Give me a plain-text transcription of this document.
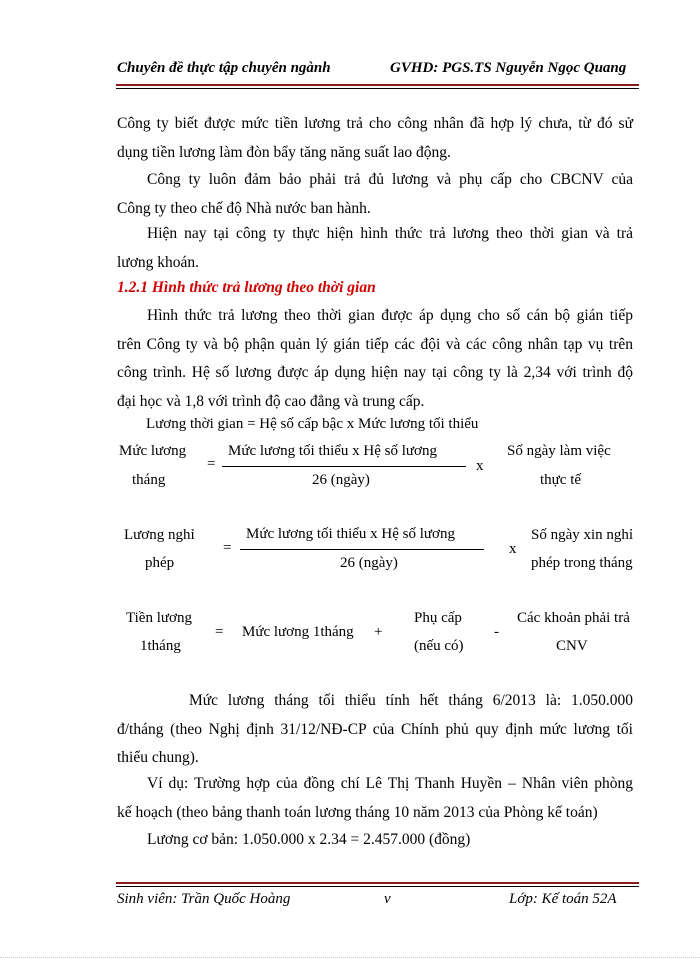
Chuyên đề thực tập chuyên ngành	GVHD: PGS.TS Nguyễn Ngọc Quang
Công ty biết được mức tiền lương trả cho công nhân đã hợp lý chưa, từ đó sử
dụng tiền lương làm đòn bẩy tăng năng suất lao động.
Công ty luôn đảm bảo phải trả đủ lương và phụ cấp cho CBCNV của
Công ty theo chế độ Nhà nước ban hành.
Hiện nay tại công ty thực hiện hình thức trả lương theo thời gian và trả
lương khoán.
1.2.1 Hình thức trả lương theo thời gian
Hình thức trả lương theo thời gian được áp dụng cho số cán bộ gián tiếp
trên Công ty và bộ phận quản lý gián tiếp các đội và các công nhân tạp vụ trên
công trình. Hệ số lương được áp dụng hiện nay tại công ty là 2,34 với trình độ
đại học và 1,8 với trình độ cao đẳng và trung cấp.
Lương thời gian = Hệ số cấp bậc x Mức lương tối thiểu
Mức lương
tháng
=
Mức lương tối thiểu x Hệ số lương
26 (ngày)
x
Số ngày làm việc
thực tế
Lương nghỉ
phép
=
Mức lương tối thiểu x Hệ số lương
26 (ngày)
x
Số ngày xin nghỉ
phép trong tháng
Tiền lương
1tháng
= Mức lương 1tháng +
Phụ cấp
(nếu có)
-
Các khoản phải trả
CNV
Mức lương tháng tối thiểu tính hết tháng 6/2013 là: 1.050.000
đ/tháng (theo Nghị định 31/12/NĐ-CP của Chính phủ quy định mức lương tối
thiểu chung).
Ví dụ: Trường hợp của đồng chí Lê Thị Thanh Huyền – Nhân viên phòng
kế hoạch (theo bảng thanh toán lương tháng 10 năm 2013 của Phòng kế toán)
Lương cơ bản: 1.050.000 x 2.34 = 2.457.000 (đồng)
Sinh viên: Trần Quốc Hoàng	v	Lớp: Kế toán 52A
